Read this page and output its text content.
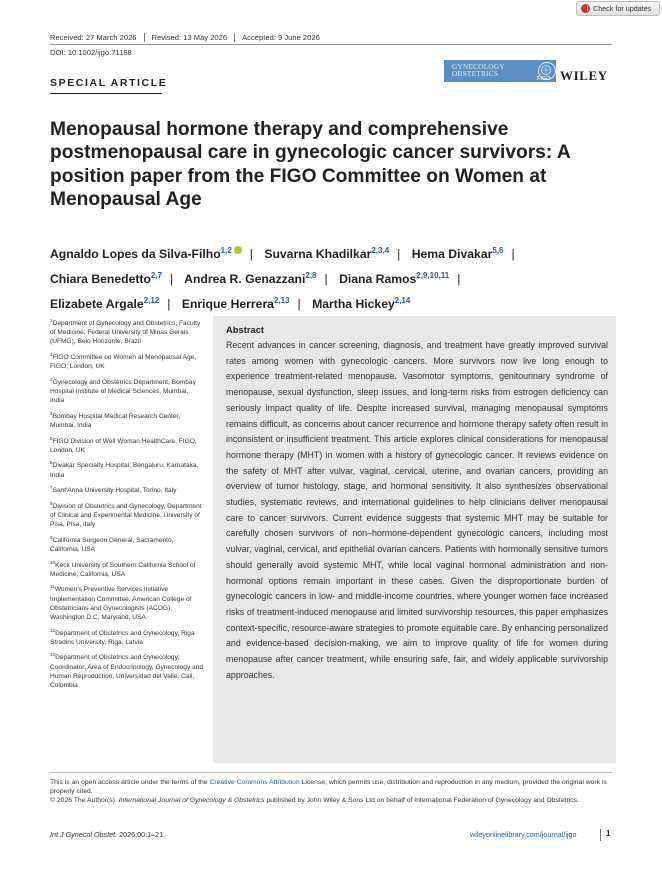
Check for updates
Received: 27 March 2026 Revised: 13 May 2026 Accepted: 9 June 2026
DOI: 10.1002/ijgo.71188
SPECIAL ARTICLE
GYNECOLOGY
OBSTETRICS
FIGO WILEY
Menopausal hormone therapy and comprehensive postmenopausal care in gynecologic cancer survivors: A position paper from the FIGO Committee on Women at Menopausal Age
Agnaldo Lopes da Silva-Filho$^{1,2}$ | Suvarna Khadilkar$^{2,3,4}$ | Hema Divakar$^{5,6}$ |
Chiara Benedetto$^{2,7}$ | Andrea R. Genazzani$^{2,8}$ | Diana Ramos$^{2,9,10,11}$ |
Elizabete Argale$^{2,12}$ | Enrique Herrera$^{2,13}$ | Martha Hickey$^{2,14}$

$^1$Department of Gynecology and Obstetrics, Faculty of Medicine, Federal University of Minas Gerais (UFMG), Belo Horizonte, Brazil

$^2$FIGO Committee on Women at Menopausal Age, FIGO, London, UK

$^3$Gynecology and Obstetrics Department, Bombay Hospital Institute of Medical Sciences, Mumbai, India

$^4$Bombay Hospital Medical Research Center, Mumbai, India

$^5$FIGO Division of Well Woman HealthCare, FIGO, London, UK

$^6$Divakar Specialty Hospital, Bengaluru, Karnataka, India

$^7$Sant'Anna University Hospital, Torino, Italy

$^8$Division of Obstetrics and Gynecology, Department of Clinical and Experimental Medicine, University of Pisa, Pisa, Italy

$^9$California Surgeon General, Sacramento, California, USA

$^{10}$Keck University of Southern California School of Medicine, California, USA

$^{11}$Women's Preventive Services Initiative Implementation Committee, American College of Obstetricians and Gynecologists (ACOG), Washington D.C, Maryland, USA

$^{12}$Department of Obstetrics and Gynecology, Riga Stradins University, Riga, Latvia

$^{13}$Department of Obstetrics and Gynecology; Coordinator, Area of Endocrinology, Gynecology and Human Reproduction, Universidad del Valle, Cali, Colombia

Abstract
Recent advances in cancer screening, diagnosis, and treatment have greatly improved survival rates among women with gynecologic cancers. More survivors now live long enough to experience treatment-related menopause. Vasomotor symptoms, genitourinary syndrome of menopause, sexual dysfunction, sleep issues, and long-term risks from estrogen deficiency can seriously impact quality of life. Despite increased survival, managing menopausal symptoms remains difficult, as concerns about cancer recurrence and hormone therapy safety often result in inconsistent or insufficient treatment. This article explores clinical considerations for menopausal hormone therapy (MHT) in women with a history of gynecologic cancer. It reviews evidence on the safety of MHT after vulvar, vaginal, cervical, uterine, and ovarian cancers, providing an overview of tumor histology, stage, and hormonal sensitivity. It also synthesizes observational studies, systematic reviews, and international guidelines to help clinicians deliver menopausal care to cancer survivors. Current evidence suggests that systemic MHT may be suitable for carefully chosen survivors of non–hormone-dependent gynecologic cancers, including most vulvar, vaginal, cervical, and epithelial ovarian cancers. Patients with hormonally sensitive tumors should generally avoid systemic MHT, while local vaginal hormonal administration and non-hormonal options remain important in these cases. Given the disproportionate burden of gynecologic cancers in low- and middle-income countries, where younger women face increased risks of treatment-induced menopause and limited survivorship resources, this paper emphasizes context-specific, resource-aware strategies to promote equitable care. By enhancing personalized and evidence-based decision-making, we aim to improve quality of life for women during menopause after cancer treatment, while ensuring safe, fair, and widely applicable survivorship approaches.
This is an open access article under the terms of the Creative Commons Attribution License, which permits use, distribution and reproduction in any medium, provided the original work is properly cited.
© 2026 The Author(s). International Journal of Gynecology & Obstetrics published by John Wiley & Sons Ltd on behalf of International Federation of Gynecology and Obstetrics.
Int J Gynecol Obstet. 2026;00:1–21.	wileyonlinelibrary.com/journal/ijgo	1
